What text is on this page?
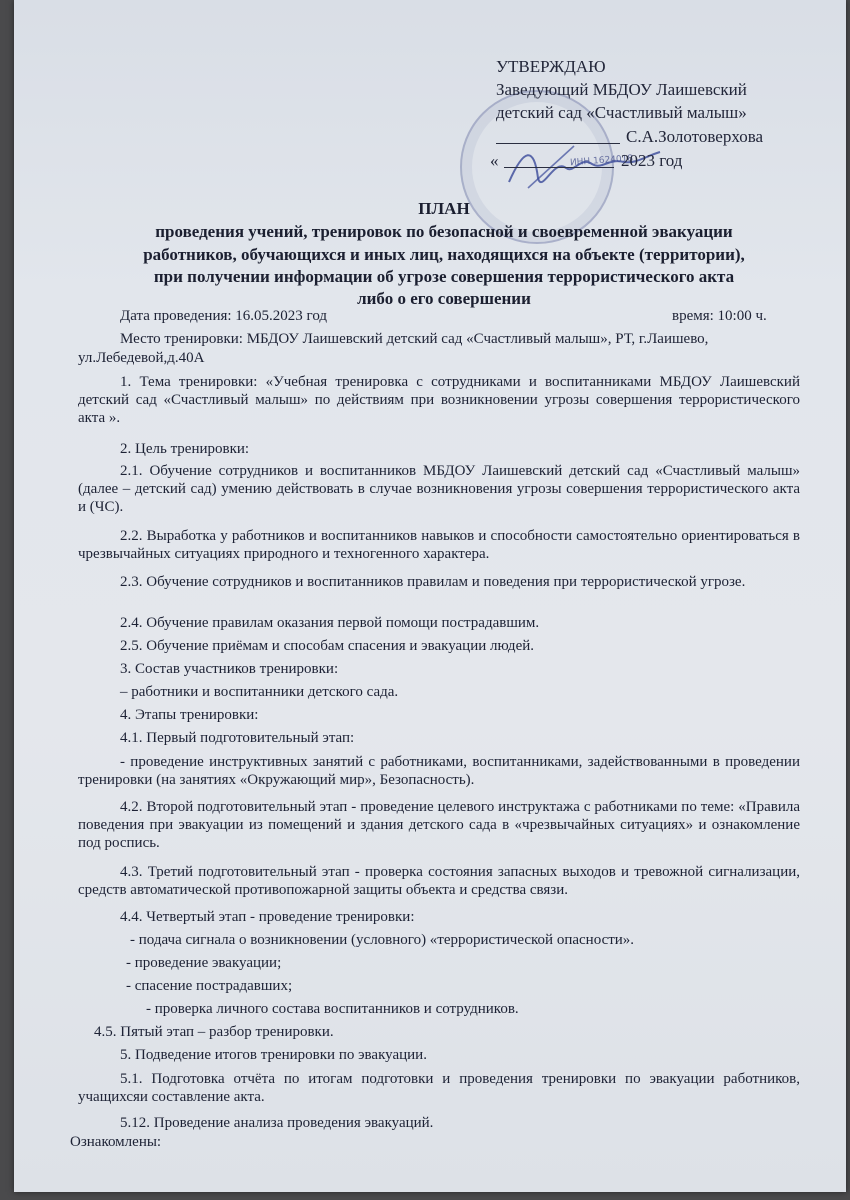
ИНН 1624018
УТВЕРЖДАЮ
Заведующий МБДОУ Лаишевский
детский сад «Счастливый малыш»
С.А.Золотоверхова
«	2023 год
ПЛАН
проведения учений, тренировок по безопасной и своевременной эвакуации
работников, обучающихся и иных лиц, находящихся на объекте (территории),
при получении информации об угрозе совершения террористического акта
либо о его совершении
Дата проведения: 16.05.2023 год	время: 10:00 ч.
Место тренировки: МБДОУ Лаишевский детский сад «Счастливый малыш», РТ, г.Лаишево,
ул.Лебедевой,д.40А
1. Тема тренировки: «Учебная тренировка с сотрудниками и воспитанниками МБДОУ Лаишевский детский сад «Счастливый малыш» по действиям при возникновении угрозы совершения террористического акта ».
2. Цель тренировки:
2.1. Обучение сотрудников и воспитанников МБДОУ Лаишевский детский сад «Счастливый малыш» (далее – детский сад) умению действовать в случае возникновения угрозы совершения террористического акта и (ЧС).
2.2. Выработка у работников и воспитанников навыков и способности самостоятельно ориентироваться в чрезвычайных ситуациях природного и техногенного характера.
2.3. Обучение сотрудников и воспитанников правилам и поведения при террористической угрозе.
2.4. Обучение правилам оказания первой помощи пострадавшим.
2.5. Обучение приёмам и способам спасения и эвакуации людей.
3. Состав участников тренировки:
– работники и воспитанники детского сада.
4. Этапы тренировки:
4.1. Первый подготовительный этап:
- проведение инструктивных занятий с работниками, воспитанниками, задействованными в проведении тренировки (на занятиях «Окружающий мир», Безопасность).
4.2. Второй подготовительный этап - проведение целевого инструктажа с работниками по теме: «Правила поведения при эвакуации из помещений и здания детского сада в «чрезвычайных ситуациях» и ознакомление под роспись.
4.3. Третий подготовительный этап - проверка состояния запасных выходов и тревожной сигнализации, средств автоматической противопожарной защиты объекта и средства связи.
4.4. Четвертый этап - проведение тренировки:
- подача сигнала о возникновении (условного) «террористической опасности».
- проведение эвакуации;
- спасение пострадавших;
- проверка личного состава воспитанников и сотрудников.
4.5. Пятый этап – разбор тренировки.
5. Подведение итогов тренировки по эвакуации.
5.1. Подготовка отчёта по итогам подготовки и проведения тренировки по эвакуации работников, учащихсяи составление акта.
5.12. Проведение анализа проведения эвакуаций.
Ознакомлены:
